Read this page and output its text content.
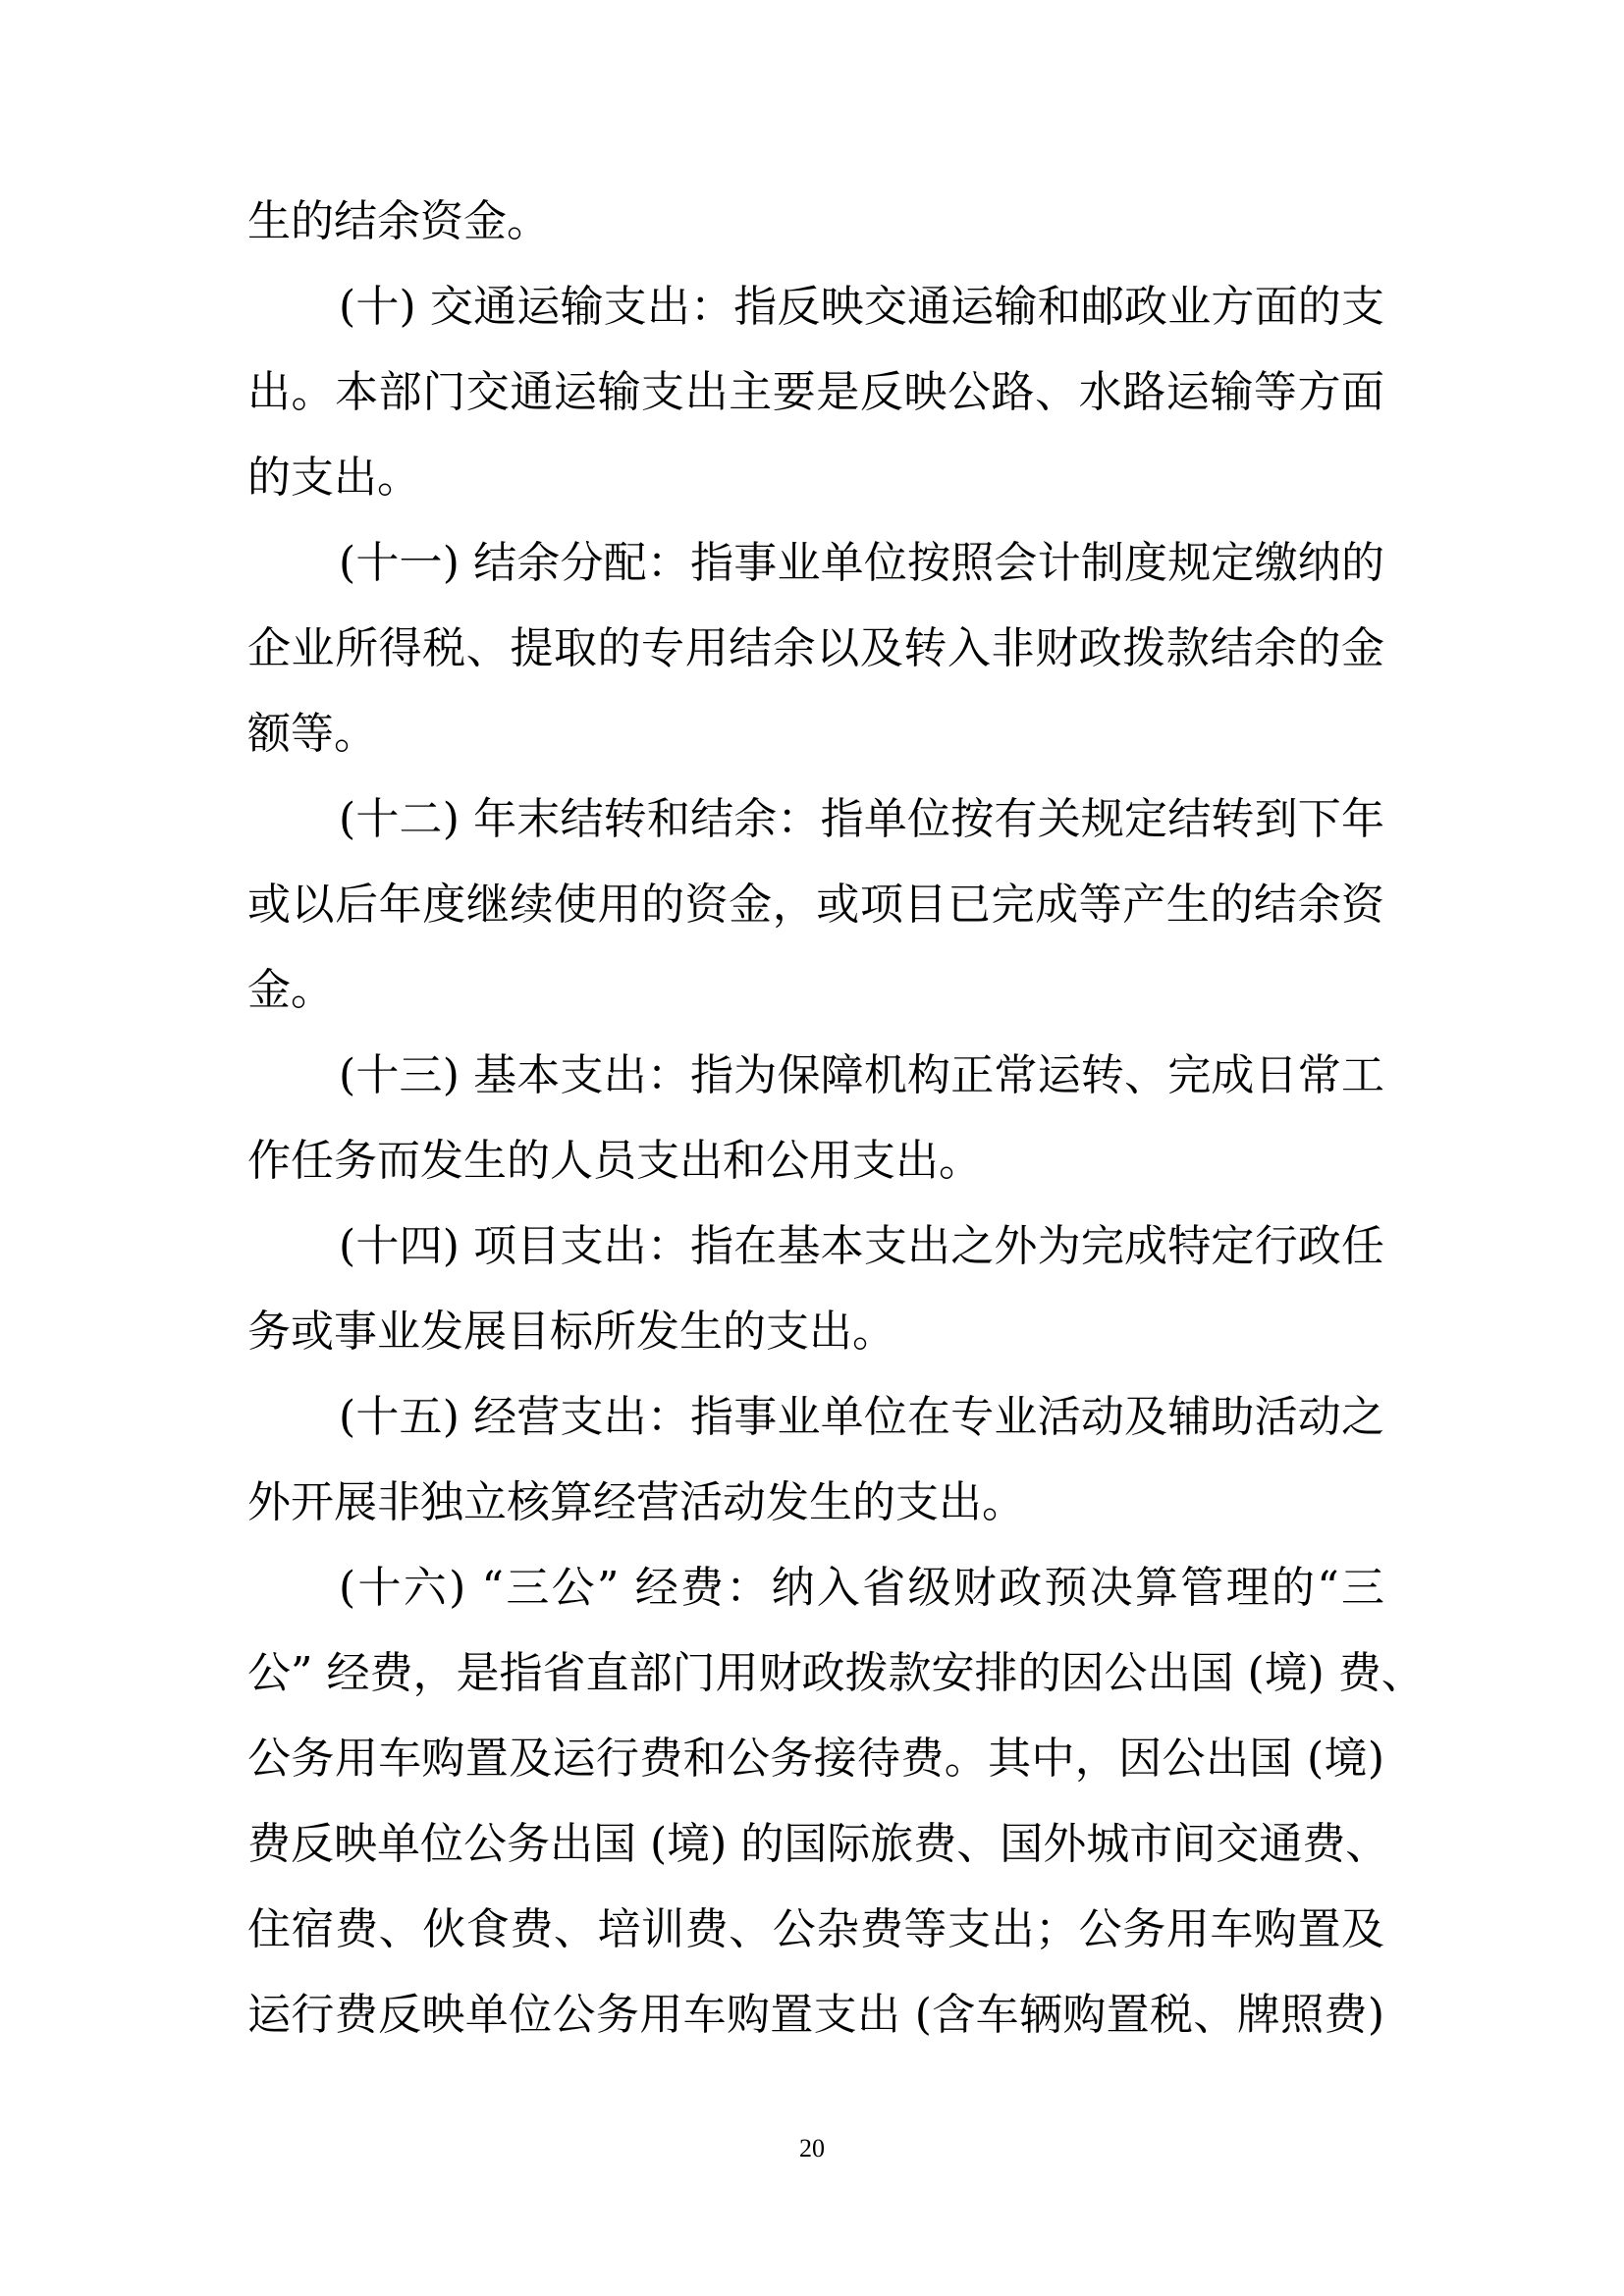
生的结余资金。
(十) 交通运输支出：指反映交通运输和邮政业方面的支
出。本部门交通运输支出主要是反映公路、水路运输等方面
的支出。
(十一) 结余分配：指事业单位按照会计制度规定缴纳的
企业所得税、提取的专用结余以及转入非财政拨款结余的金
额等。
(十二) 年末结转和结余：指单位按有关规定结转到下年
或以后年度继续使用的资金，或项目已完成等产生的结余资
金。
(十三) 基本支出：指为保障机构正常运转、完成日常工
作任务而发生的人员支出和公用支出。
(十四) 项目支出：指在基本支出之外为完成特定行政任
务或事业发展目标所发生的支出。
(十五) 经营支出：指事业单位在专业活动及辅助活动之
外开展非独立核算经营活动发生的支出。
(十六) “三公” 经费：纳入省级财政预决算管理的“三
公” 经费，是指省直部门用财政拨款安排的因公出国 (境) 费、
公务用车购置及运行费和公务接待费。其中，因公出国 (境)
费反映单位公务出国 (境) 的国际旅费、国外城市间交通费、
住宿费、伙食费、培训费、公杂费等支出；公务用车购置及
运行费反映单位公务用车购置支出 (含车辆购置税、牌照费)
20
